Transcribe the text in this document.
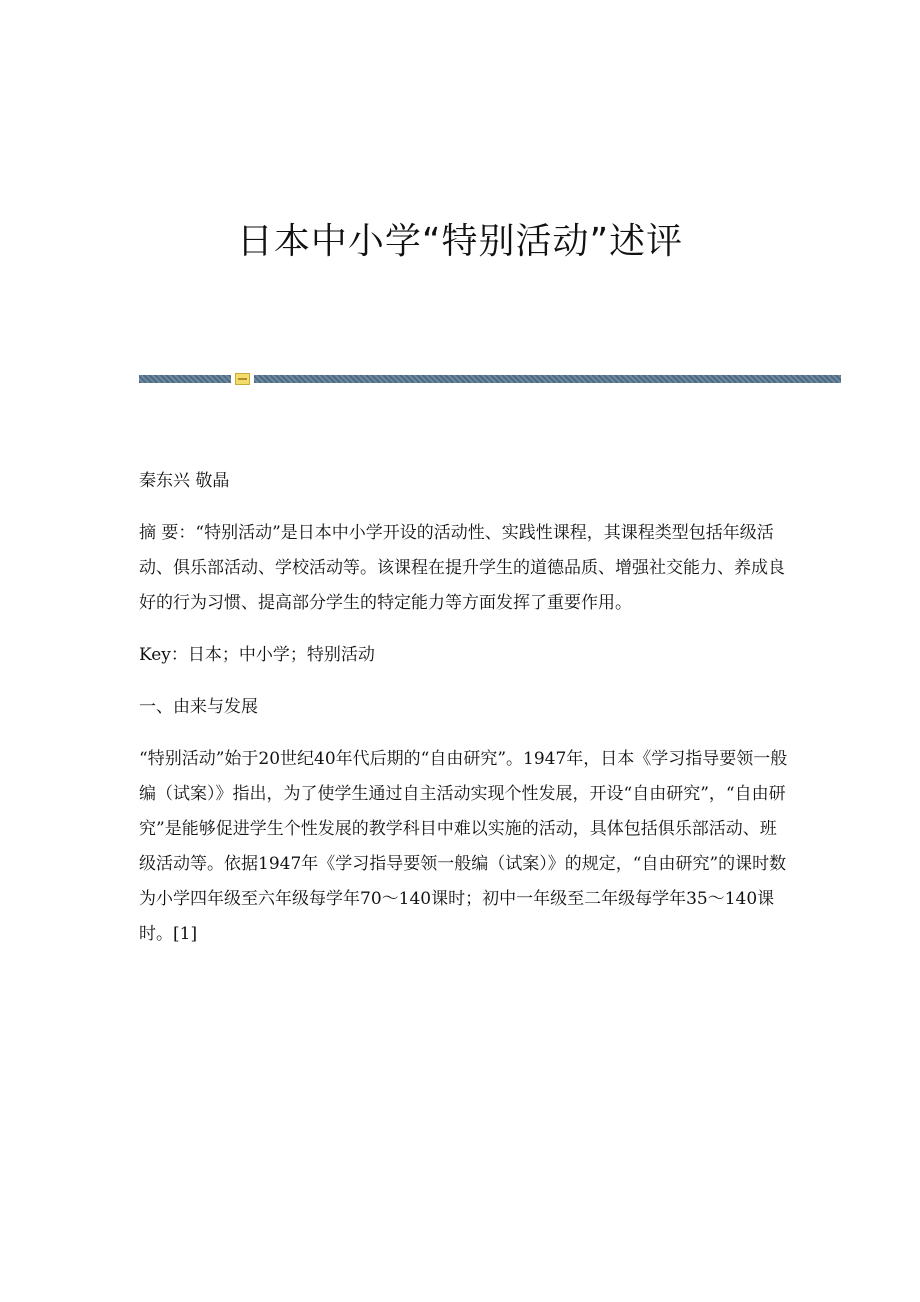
日本中小学“特别活动”述评

秦东兴 敬晶

摘 要：“特别活动”是日本中小学开设的活动性、实践性课程，其课程类型包括年级活动、俱乐部活动、学校活动等。该课程在提升学生的道德品质、增强社交能力、养成良好的行为习惯、提高部分学生的特定能力等方面发挥了重要作用。

Key：日本；中小学；特别活动

一、由来与发展

“特别活动”始于20世纪40年代后期的“自由研究”。1947年，日本《学习指导要领一般编（试案）》指出，为了使学生通过自主活动实现个性发展，开设“自由研究”，“自由研究”是能够促进学生个性发展的教学科目中难以实施的活动，具体包括俱乐部活动、班级活动等。依据1947年《学习指导要领一般编（试案）》的规定，“自由研究”的课时数为小学四年级至六年级每学年70～140课时；初中一年级至二年级每学年35～140课时。[1]
